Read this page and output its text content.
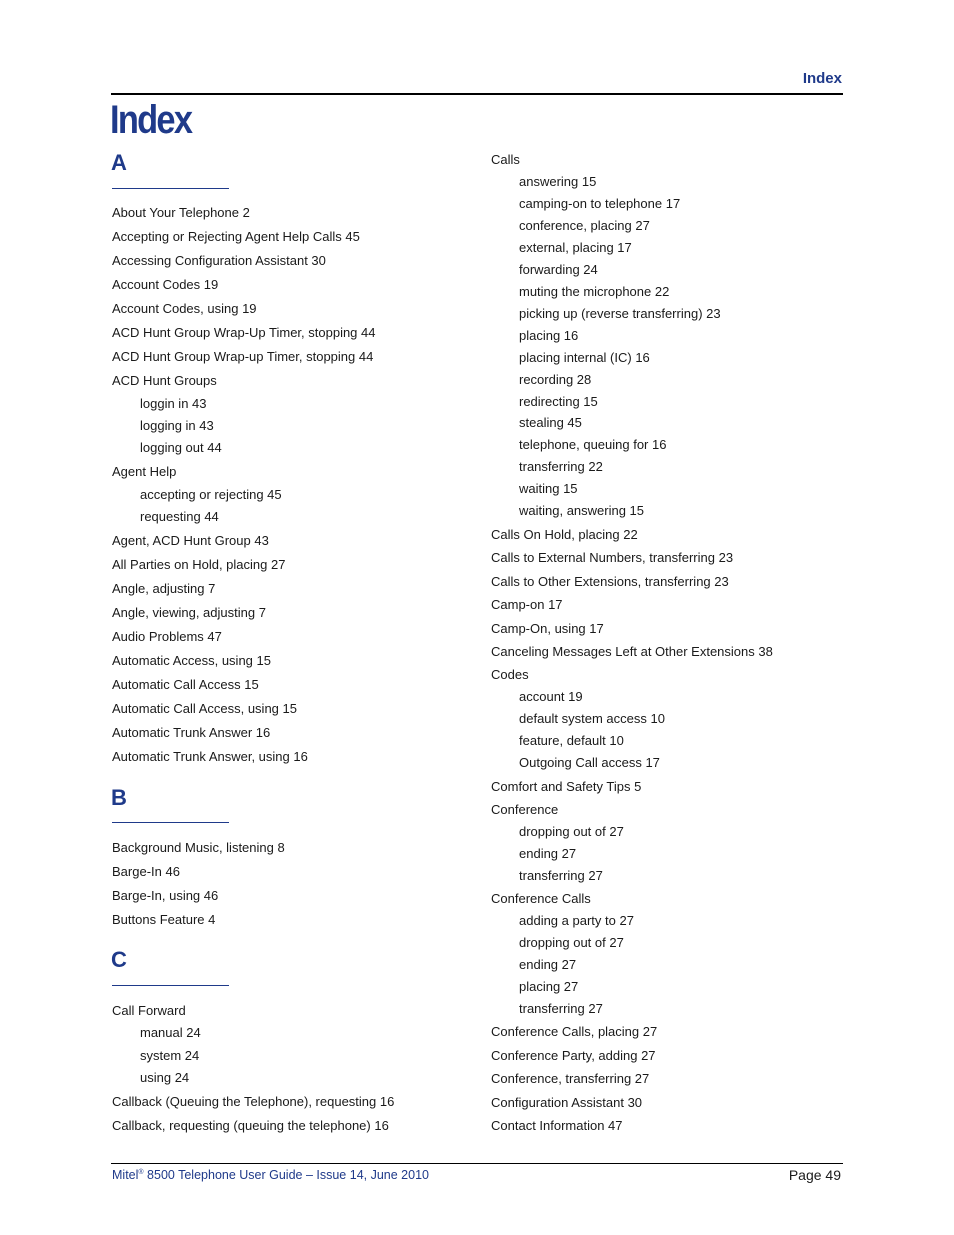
Index
Index
A
B
C
About Your Telephone 2
Accepting or Rejecting Agent Help Calls 45
Accessing Configuration Assistant 30
Account Codes 19
Account Codes, using 19
ACD Hunt Group Wrap-Up Timer, stopping 44
ACD Hunt Group Wrap-up Timer, stopping 44
ACD Hunt Groups
loggin in 43
logging in 43
logging out 44
Agent Help
accepting or rejecting 45
requesting 44
Agent, ACD Hunt Group 43
All Parties on Hold, placing 27
Angle, adjusting 7
Angle, viewing, adjusting 7
Audio Problems 47
Automatic Access, using 15
Automatic Call Access 15
Automatic Call Access, using 15
Automatic Trunk Answer 16
Automatic Trunk Answer, using 16
Background Music, listening 8
Barge-In 46
Barge-In, using 46
Buttons Feature 4
Call Forward
manual 24
system 24
using 24
Callback (Queuing the Telephone), requesting 16
Callback, requesting (queuing the telephone) 16
Calls
answering 15
camping-on to telephone 17
conference, placing 27
external, placing 17
forwarding 24
muting the microphone 22
picking up (reverse transferring) 23
placing 16
placing internal (IC) 16
recording 28
redirecting 15
stealing 45
telephone, queuing for 16
transferring 22
waiting 15
waiting, answering 15
Calls On Hold, placing 22
Calls to External Numbers, transferring 23
Calls to Other Extensions, transferring 23
Camp-on 17
Camp-On, using 17
Canceling Messages Left at Other Extensions 38
Codes
account 19
default system access 10
feature, default 10
Outgoing Call access 17
Comfort and Safety Tips 5
Conference
dropping out of 27
ending 27
transferring 27
Conference Calls
adding a party to 27
dropping out of 27
ending 27
placing 27
transferring 27
Conference Calls, placing 27
Conference Party, adding 27
Conference, transferring 27
Configuration Assistant 30
Contact Information 47
Mitel® 8500 Telephone User Guide – Issue 14, June 2010	Page 49
